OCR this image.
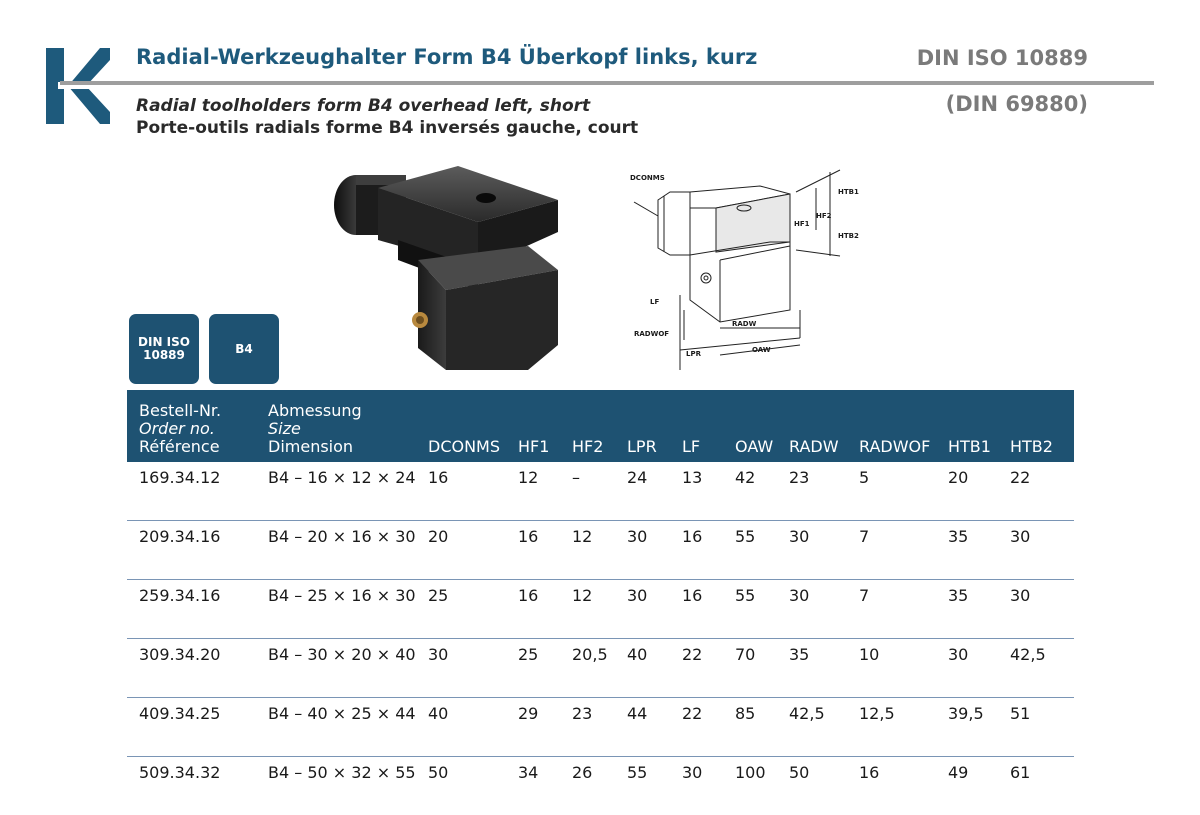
Radial-Werkzeughalter Form B4 Überkopf links, kurz	DIN ISO 10889
(DIN 69880)
Radial toolholders form B4 overhead left, short
Porte-outils radials forme B4 inversés gauche, court
DCONMS
HTB1
HTB2
HF1
HF2
LF
RADWOF
RADW
LPR	OAW
DIN ISO
10889	B4
Bestell-Nr.
Order no.
Référence	Abmessung
Size
Dimension	DCONMS	HF1	HF2	LPR	LF	OAW	RADW	RADWOF	HTB1	HTB2
169.34.12	B4 – 16 × 12 × 24	16	12	–	24	13	42	23	5	20	22
209.34.16	B4 – 20 × 16 × 30	20	16	12	30	16	55	30	7	35	30
259.34.16	B4 – 25 × 16 × 30	25	16	12	30	16	55	30	7	35	30
309.34.20	B4 – 30 × 20 × 40	30	25	20,5	40	22	70	35	10	30	42,5
409.34.25	B4 – 40 × 25 × 44	40	29	23	44	22	85	42,5	12,5	39,5	51
509.34.32	B4 – 50 × 32 × 55	50	34	26	55	30	100	50	16	49	61
